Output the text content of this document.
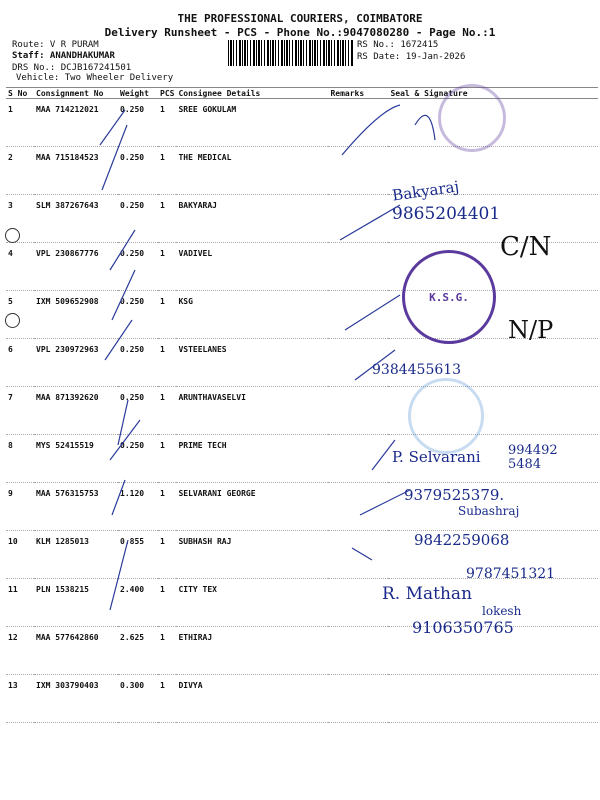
THE PROFESSIONAL COURIERS, COIMBATORE
Delivery Runsheet - PCS - Phone No.:9047080280 - Page No.:1
Route: V R PURAM
Staff: ANANDHAKUMAR
DRS No.: DCJB167241501
Vehicle: Two Wheeler Delivery
RS No.: 1672415
RS Date: 19-Jan-2026
S No	Consignment No	Weight	PCS	Consignee Details	Remarks	Seal & Signature
1	MAA 714212021	0.250	1	SREE GOKULAM		
2	MAA 715184523	0.250	1	THE MEDICAL		
3	SLM 387267643	0.250	1	BAKYARAJ		
4	VPL 230867776	0.250	1	VADIVEL		
5	IXM 509652908	0.250	1	KSG		
6	VPL 230972963	0.250	1	VSTEELANES		
7	MAA 871392620	0.250	1	ARUNTHAVASELVI		
8	MYS 52415519	0.250	1	PRIME TECH		
9	MAA 576315753	1.120	1	SELVARANI GEORGE		
10	KLM 1285013	0.855	1	SUBHASH RAJ		
11	PLN 1538215	2.400	1	CITY TEX		
12	MAA 577642860	2.625	1	ETHIRAJ		
13	IXM 303790403	0.300	1	DIVYA		
K.S.G.
Bakyaraj
9865204401
C/N
N/P
9384455613
P. Selvarani 994492 5484
9379525379.
Subashraj
9842259068
9787451321
R. Mathan
lokesh
9106350765
